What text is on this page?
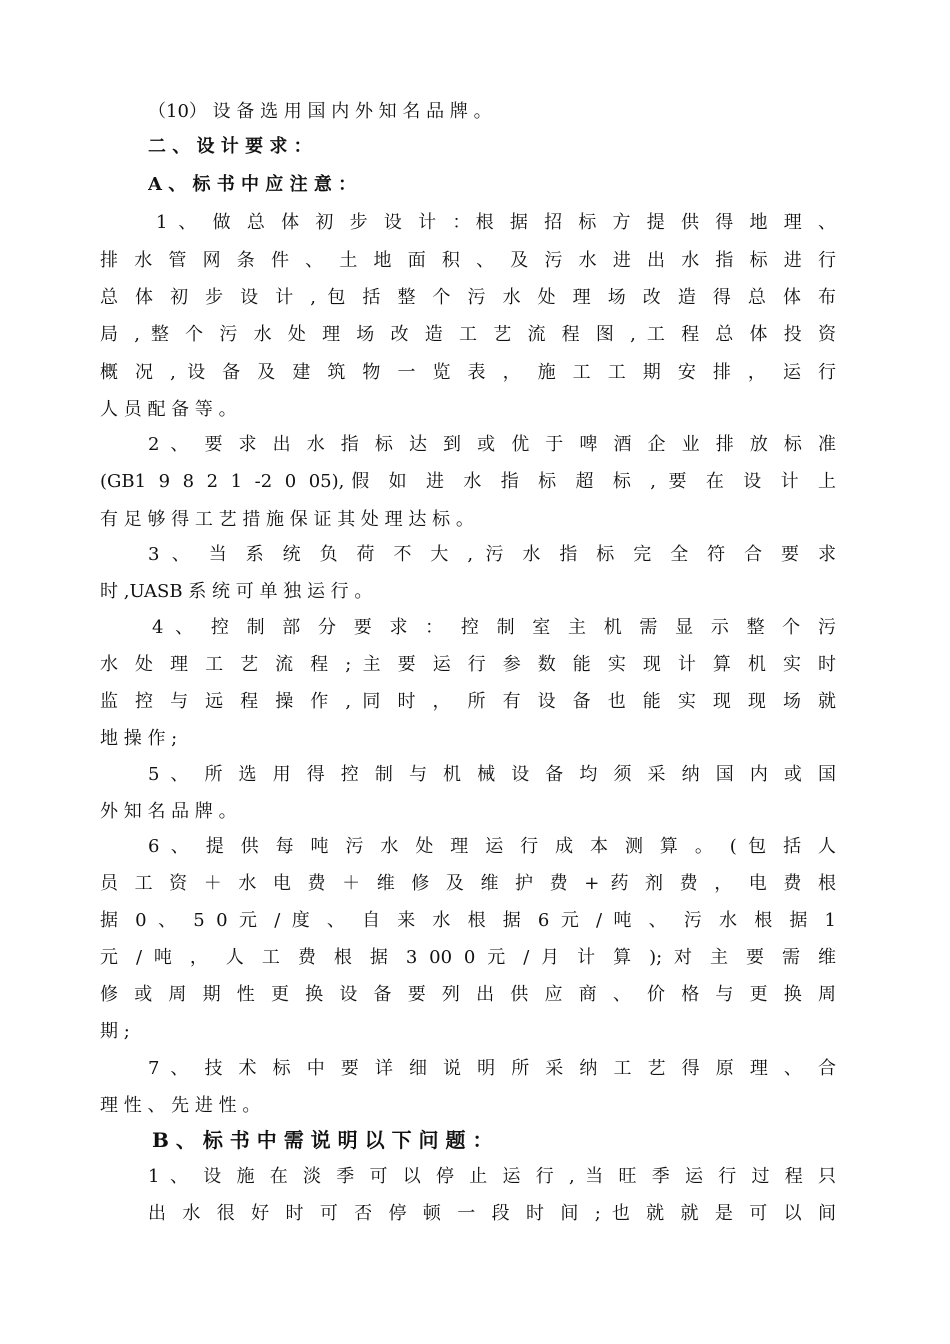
（10） 设 备 选 用 国 内 外 知 名 品 牌 。
二 、 设 计 要 求 ：
A 、 标 书 中 应 注 意 ：
1 、 做 总 体 初 步 设 计 ：根 据 招 标 方 提 供 得 地 理 、
排 水 管 网 条 件 、 土 地 面 积 、 及 污 水 进 出 水 指 标 进 行
总 体 初 步 设 计 , 包 括 整 个 污 水 处 理 场 改 造 得 总 体 布
局 , 整 个 污 水 处 理 场 改 造 工 艺 流 程 图 , 工 程 总 体 投 资
概 况 , 设 备 及 建 筑 物 一 览 表 ， 施 工 工 期 安 排 ， 运 行
人 员 配 备 等 。
2 、 要 求 出 水 指 标 达 到 或 优 于 啤 酒 企 业 排 放 标 准
(GB1 9 8 2 1 -2 0 05),假 如 进 水 指 标 超 标 , 要 在 设 计 上
有 足 够 得 工 艺 措 施 保 证 其 处 理 达 标 。
3 、 当 系 统 负 荷 不 大 , 污 水 指 标 完 全 符 合 要 求
时 ,UASB 系 统 可 单 独 运 行 。
4 、 控 制 部 分 要 求 ： 控 制 室 主 机 需 显 示 整 个 污
水 处 理 工 艺 流 程 ; 主 要 运 行 参 数 能 实 现 计 算 机 实 时
监 控 与 远 程 操 作 , 同 时 ， 所 有 设 备 也 能 实 现 现 场 就
地 操 作 ;
5 、 所 选 用 得 控 制 与 机 械 设 备 均 须 采 纳 国 内 或 国
外 知 名 品 牌 。
6 、 提 供 每 吨 污 水 处 理 运 行 成 本 测 算 。 ( 包 括 人
员 工 资 ＋ 水 电 费 ＋ 维 修 及 维 护 费 + 药 剂 费 ， 电 费 根
据 0 、 5 0 元 / 度 、 自 来 水 根 据 6 元 / 吨 、 污 水 根 据 1
元 / 吨 ， 人 工 费 根 据 3 00 0 元 / 月 计 算 ); 对 主 要 需 维
修 或 周 期 性 更 换 设 备 要 列 出 供 应 商 、 价 格 与 更 换 周
期 ;
7 、 技 术 标 中 要 详 细 说 明 所 采 纳 工 艺 得 原 理 、 合
理 性 、 先 进 性 。
B 、 标 书 中 需 说 明 以 下 问 题 ：
1 、 设 施 在 淡 季 可 以 停 止 运 行 , 当 旺 季 运 行 过 程 只
出 水 很 好 时 可 否 停 顿 一 段 时 间 ; 也 就 就 是 可 以 间
